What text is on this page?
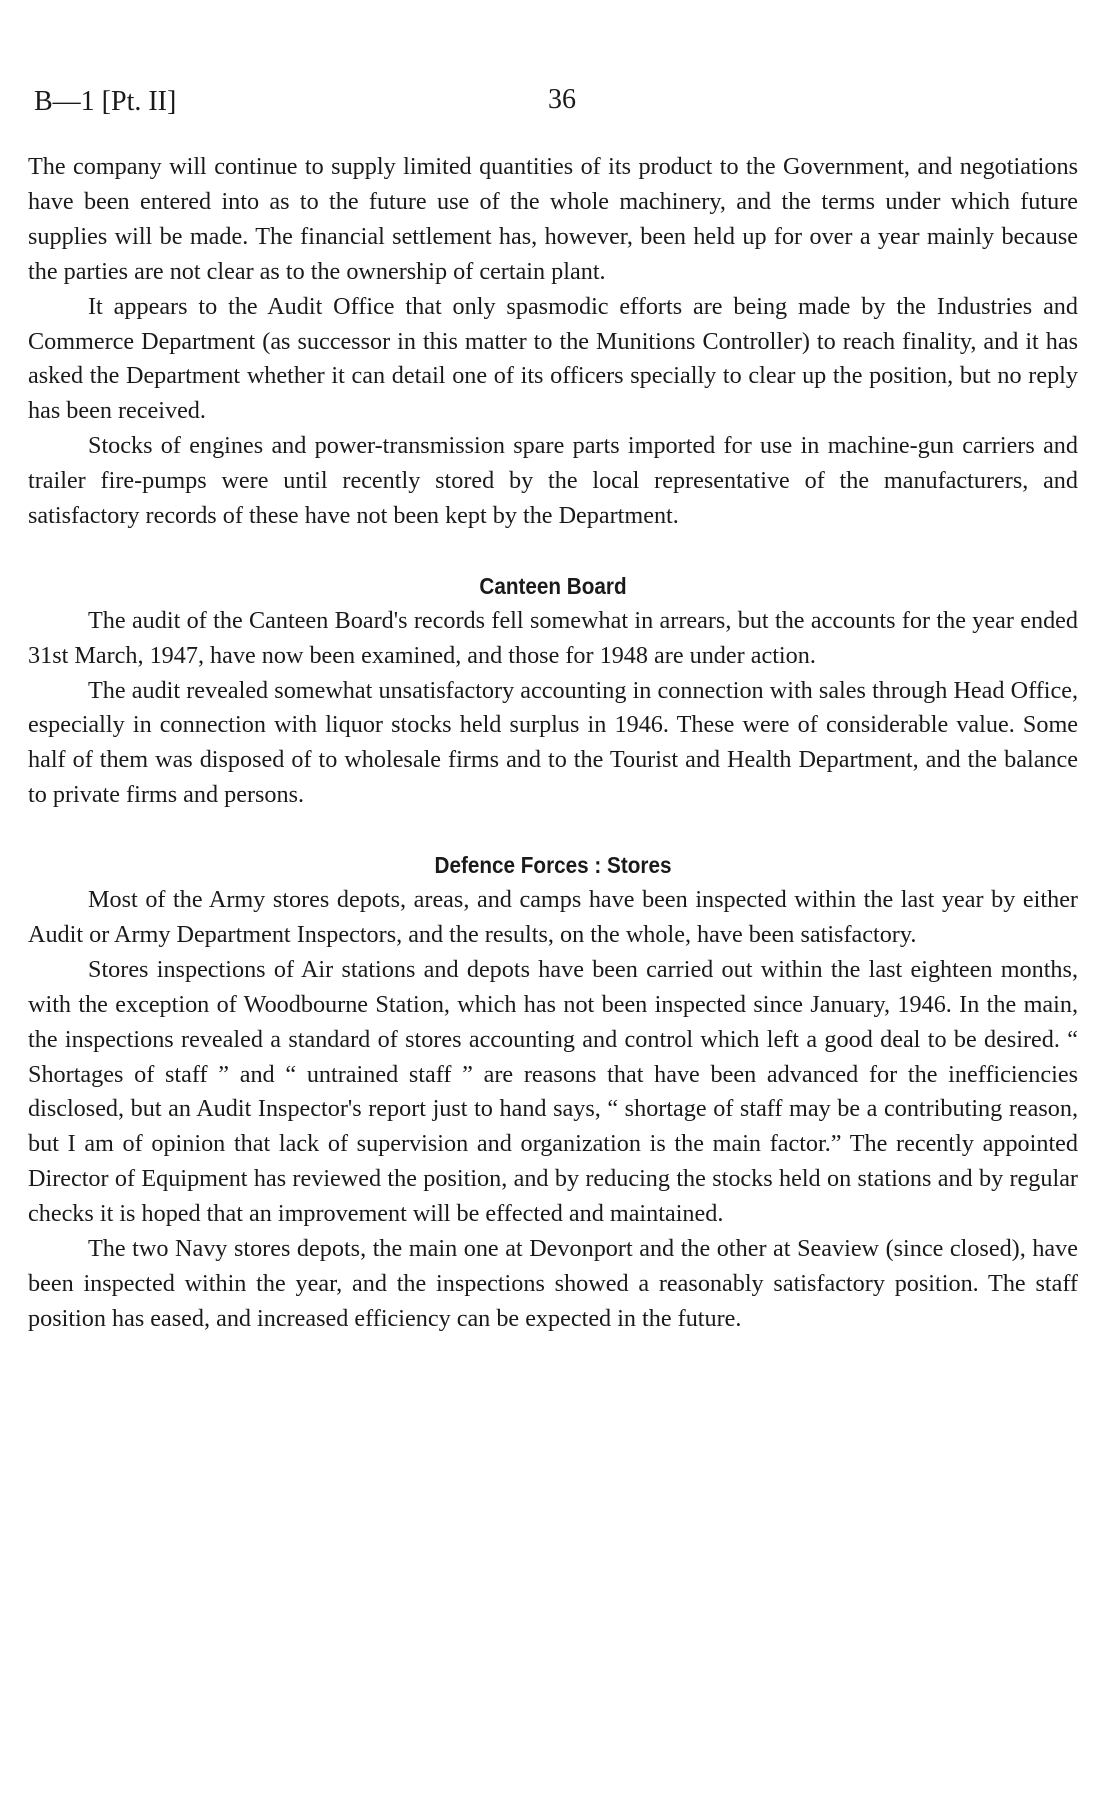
B—1 [Pt. II]	36

The company will continue to supply limited quantities of its product to the Government, and negotiations have been entered into as to the future use of the whole machinery, and the terms under which future supplies will be made. The financial settlement has, however, been held up for over a year mainly because the parties are not clear as to the ownership of certain plant.

It appears to the Audit Office that only spasmodic efforts are being made by the Industries and Commerce Department (as successor in this matter to the Munitions Controller) to reach finality, and it has asked the Department whether it can detail one of its officers specially to clear up the position, but no reply has been received.

Stocks of engines and power-transmission spare parts imported for use in machine-gun carriers and trailer fire-pumps were until recently stored by the local representative of the manufacturers, and satisfactory records of these have not been kept by the Department.

Canteen Board

The audit of the Canteen Board's records fell somewhat in arrears, but the accounts for the year ended 31st March, 1947, have now been examined, and those for 1948 are under action.

The audit revealed somewhat unsatisfactory accounting in connection with sales through Head Office, especially in connection with liquor stocks held surplus in 1946. These were of considerable value. Some half of them was disposed of to wholesale firms and to the Tourist and Health Department, and the balance to private firms and persons.

Defence Forces : Stores

Most of the Army stores depots, areas, and camps have been inspected within the last year by either Audit or Army Department Inspectors, and the results, on the whole, have been satisfactory.

Stores inspections of Air stations and depots have been carried out within the last eighteen months, with the exception of Woodbourne Station, which has not been inspected since January, 1946. In the main, the inspections revealed a standard of stores accounting and control which left a good deal to be desired. “ Shortages of staff ” and “ untrained staff ” are reasons that have been advanced for the inefficiencies disclosed, but an Audit Inspector's report just to hand says, “ shortage of staff may be a contributing reason, but I am of opinion that lack of supervision and organization is the main factor.” The recently appointed Director of Equipment has reviewed the position, and by reducing the stocks held on stations and by regular checks it is hoped that an improvement will be effected and maintained.

The two Navy stores depots, the main one at Devonport and the other at Seaview (since closed), have been inspected within the year, and the inspections showed a reasonably satisfactory position. The staff position has eased, and increased efficiency can be expected in the future.
